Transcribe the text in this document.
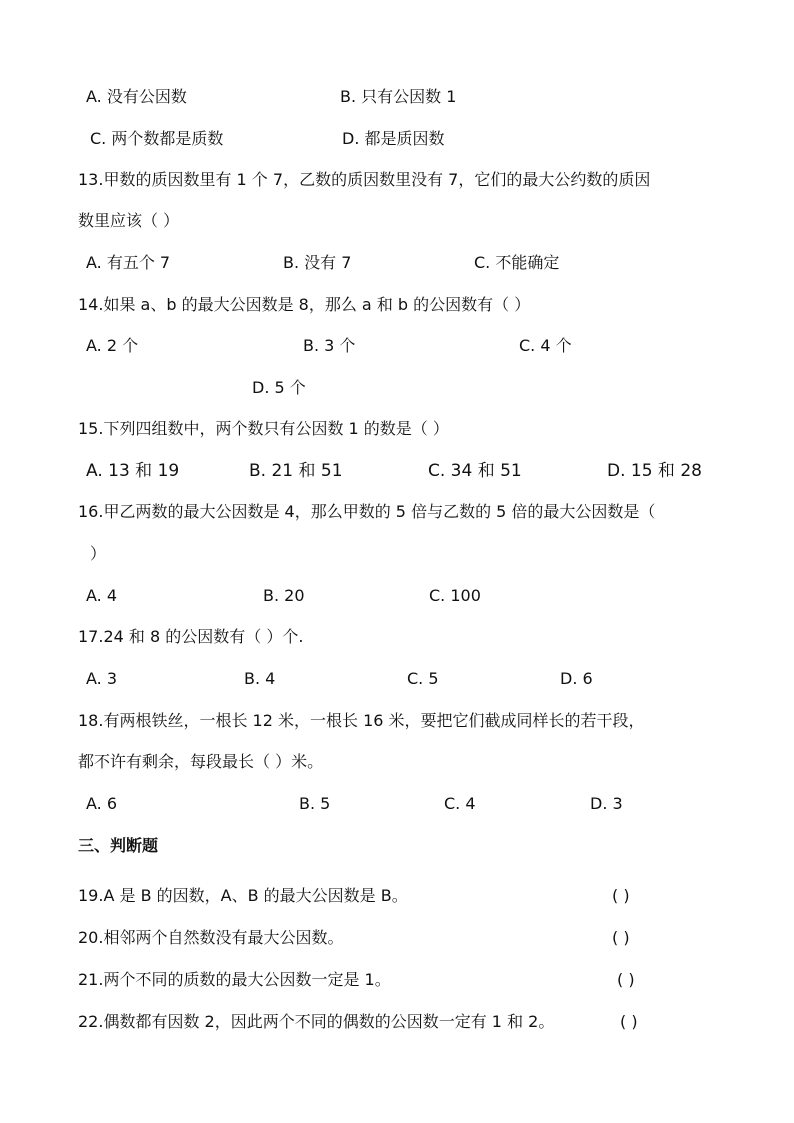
A. 没有公因数	B. 只有公因数 1
C. 两个数都是质数	D. 都是质因数
13.甲数的质因数里有 1 个 7，乙数的质因数里没有 7，它们的最大公约数的质因
数里应该（ ）
A. 有五个 7	B. 没有 7	C. 不能确定
14.如果 a、b 的最大公因数是 8，那么 a 和 b 的公因数有（ ）
A. 2 个	B. 3 个	C. 4 个
D. 5 个
15.下列四组数中，两个数只有公因数 1 的数是（ ）
A. 13 和 19	B. 21 和 51	C. 34 和 51	D. 15 和 28
16.甲乙两数的最大公因数是 4，那么甲数的 5 倍与乙数的 5 倍的最大公因数是（
）
A. 4	B. 20	C. 100
17.24 和 8 的公因数有（ ）个.
A. 3	B. 4	C. 5	D. 6
18.有两根铁丝，一根长 12 米，一根长 16 米，要把它们截成同样长的若干段，
都不许有剩余，每段最长（ ）米。
A. 6	B. 5	C. 4	D. 3
三、判断题
19.A 是 B 的因数，A、B 的最大公因数是 B。	( )
20.相邻两个自然数没有最大公因数。	( )
21.两个不同的质数的最大公因数一定是 1。	( )
22.偶数都有因数 2，因此两个不同的偶数的公因数一定有 1 和 2。	( )
